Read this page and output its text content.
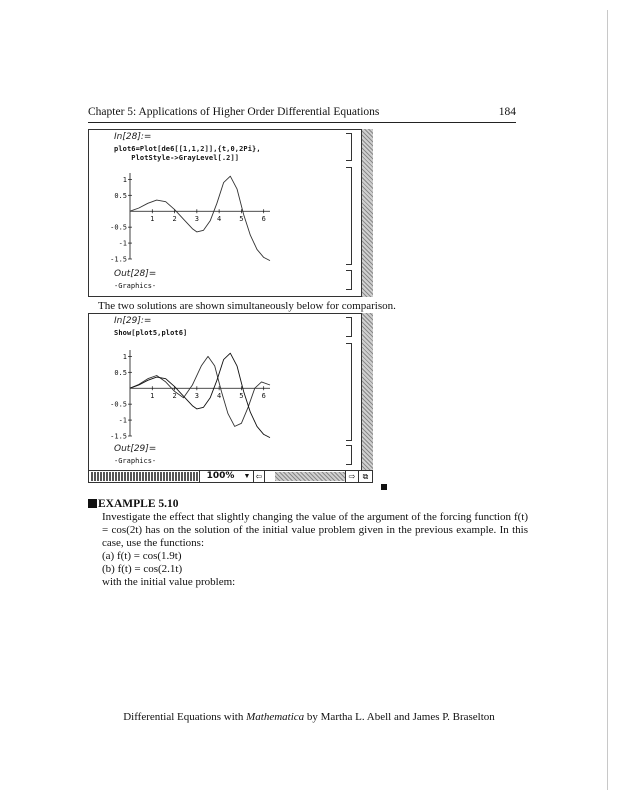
Chapter 5: Applications of Higher Order Differential Equations	184
In[28]:=
plot6=Plot[de6[[1,1,2]],{t,0,2Pi},
PlotStyle->GrayLevel[.2]]
1	2	3	4	5	6
1
0.5
-0.5
-1
-1.5
Out[28]=
-Graphics-
The two solutions are shown simultaneously below for comparison.
In[29]:=
Show[plot5,plot6]
1	2	3	4	5	6
1
0.5
-0.5
-1
-1.5
Out[29]=
-Graphics-
100%	▼ ⇦	⇨ ⧉
EXAMPLE 5.10
Investigate the effect that slightly changing the value of the argument of the forcing function f(t) = cos(2t) has on the solution of the initial value problem given in the previous example. In this case, use the functions:
(a) f(t) = cos(1.9t)
(b) f(t) = cos(2.1t)
with the initial value problem:
Differential Equations with Mathematica by Martha L. Abell and James P. Braselton
